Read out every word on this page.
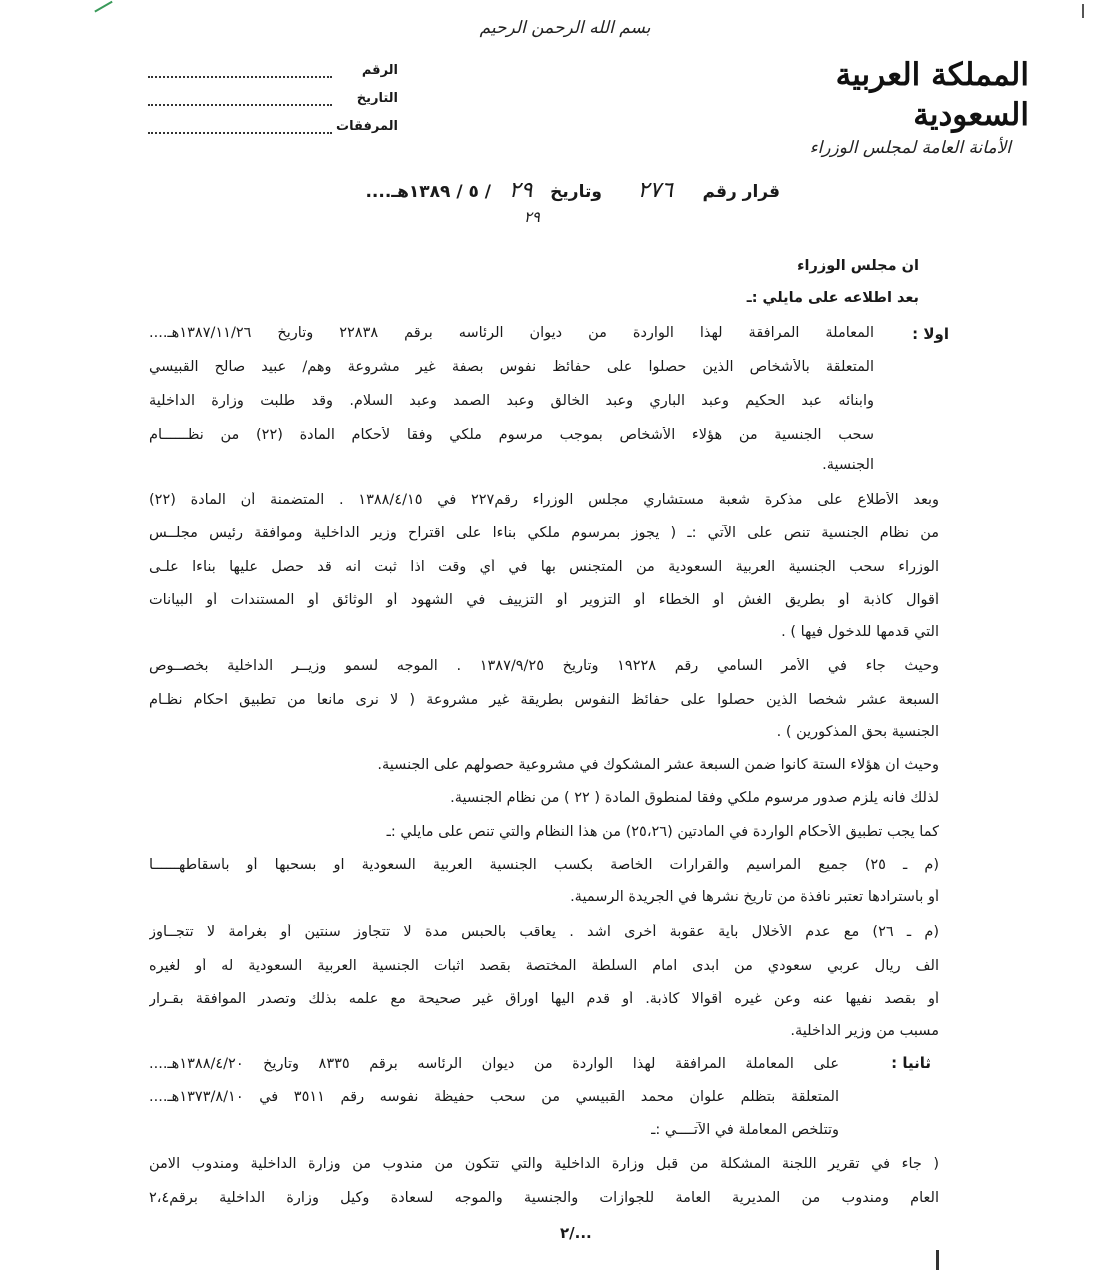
بسم الله الرحمن الرحيم
الرقم
التاريخ
المرفقات
المملكة العربية السعودية
الأمانة العامة لمجلس الوزراء
قرار رقم     ٢٧٦      وتاريخ   ٢٩   / ٥ / ١٣٨٩هـ....
٢٩
اولا :
ثانيا :
ان مجلس الوزراء
بعد اطلاعه على مايلي :ـ
المعاملة المرافقة لهذا الواردة من ديوان الرئاسه برقم ٢٢٨٣٨ وتاريخ ١٣٨٧/١١/٢٦هـ....
المتعلقة بالأشخاص الذين حصلوا على حفائظ نفوس بصفة غير مشروعة وهم/ عبيد صالح القبيسي
وابنائه عبد الحكيم وعبد الباري وعبد الخالق وعبد الصمد وعبد السلام. وقد طلبت وزارة الداخلية
سحب الجنسية من هؤلاء الأشخاص بموجب مرسوم ملكي وفقا لأحكام المادة (٢٢) من نظــــــام
الجنسية.
وبعد الأطلاع على مذكرة شعبة مستشاري مجلس الوزراء رقم٢٢٧ في ١٣٨٨/٤/١٥ . المتضمنة أن المادة (٢٢)
من نظام الجنسية تنص على الآتي :ـ ( يجوز بمرسوم ملكي بناءا على اقتراح وزير الداخلية وموافقة رئيس مجلــس
الوزراء سحب الجنسية العربية السعودية من المتجنس بها في أي وقت اذا ثبت انه قد حصل عليها بناءا علـى
أقوال كاذبة أو بطريق الغش أو الخطاء أو التزوير أو التزييف في الشهود أو الوثائق أو المستندات أو البيانات
التي قدمها للدخول فيها ) .
وحيث جاء في الأمر السامي رقم ١٩٢٢٨ وتاريخ ١٣٨٧/٩/٢٥ . الموجه لسمو وزيــر الداخلية بخصــوص
السبعة عشر شخصا الذين حصلوا على حفائظ النفوس بطريقة غير مشروعة ( لا نرى مانعا من تطبيق احكام نظـام
الجنسية بحق المذكورين ) .
وحيث ان هؤلاء الستة كانوا ضمن السبعة عشر المشكوك في مشروعية حصولهم على الجنسية.
لذلك فأنه يلزم صدور مرسوم ملكي وفقا لمنطوق المادة ( ٢٢ ) من نظام الجنسية.
كما يجب تطبيق الأحكام الواردة في المادتين (٢٥،٢٦) من هذا النظام والتي تنص على مايلي :ـ
(م ـ ٢٥) جميع المراسيم والقرارات الخاصة بكسب الجنسية العربية السعودية او بسحبها أو بأسقاطهــــــا
أو بأسترادها تعتبر نافذة من تاريخ نشرها في الجريدة الرسمية.
(م ـ ٢٦) مع عدم الأخلال بأية عقوبة أخرى اشد . يعاقب بالحبس مدة لا تتجاوز سنتين أو بغرامة لا تتجــاوز
الف ريال عربي سعودي من ابدى امام السلطة المختصة بقصد اثبات الجنسية العربية السعودية له أو لغيره
أو بقصد نفيها عنه وعن غيره أقوالا كاذبة. أو قدم اليها اوراق غير صحيحة مع علمه بذلك وتصدر الموافقة بقـرار
مسبب من وزير الداخلية.
على المعاملة المرافقة لهذا الواردة من ديوان الرئاسه برقم ٨٣٣٥ وتاريخ ١٣٨٨/٤/٢٠هـ....
المتعلقة بتظلم علوان محمد القبيسي من سحب حفيظة نفوسه رقم ٣٥١١ في ١٣٧٣/٨/١٠هـ....
وتتلخص المعاملة في الآتــــي :ـ
( جاء في تقرير اللجنة المشكلة من قبل وزارة الداخلية والتي تتكون من مندوب من وزارة الداخلية ومندوب الامن
العام ومندوب من المديرية العامة للجوازات والجنسية والموجه لسعادة وكيل وزارة الداخلية برقم٢،٤
٢/...
